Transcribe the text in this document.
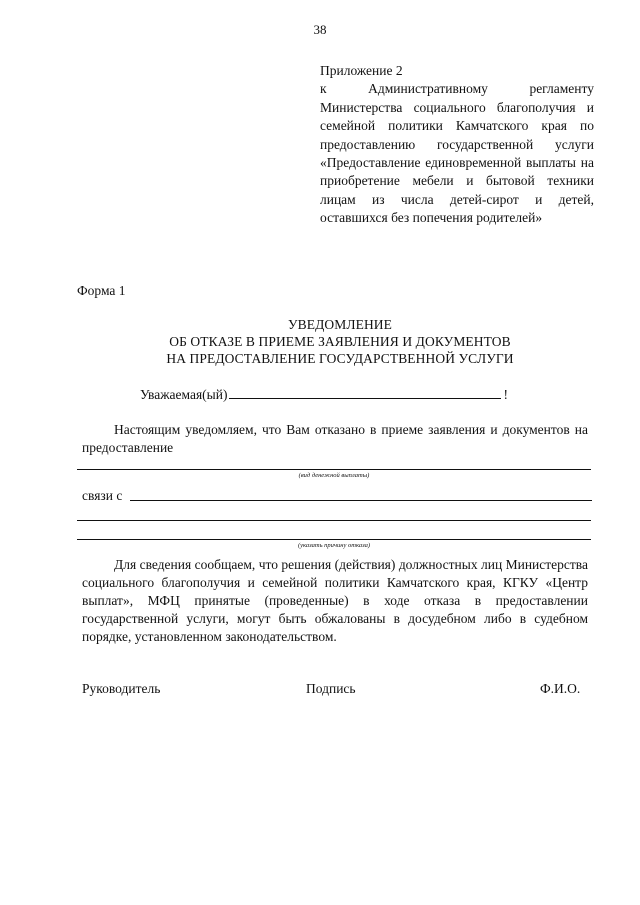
38
Приложение 2
к Административному регламенту Министерства социального благополучия и семейной политики Камчатского края по предоставлению государственной услуги «Предоставление единовременной выплаты на приобретение мебели и бытовой техники лицам из числа детей-сирот и детей, оставшихся без попечения родителей»
Форма 1
УВЕДОМЛЕНИЕ
ОБ ОТКАЗЕ В ПРИЕМЕ ЗАЯВЛЕНИЯ И ДОКУМЕНТОВ
НА ПРЕДОСТАВЛЕНИЕ ГОСУДАРСТВЕННОЙ УСЛУГИ
Уважаемая(ый)	!
Настоящим уведомляем, что Вам отказано в приеме заявления и документов на предоставление
(вид денежной выплаты)
связи с
(указать причину отказа)
Для сведения сообщаем, что решения (действия) должностных лиц Министерства социального благополучия и семейной политики Камчатского края, КГКУ «Центр выплат», МФЦ принятые (проведенные) в ходе отказа в предоставлении государственной услуги, могут быть обжалованы в досудебном либо в судебном порядке, установленном законодательством.
Руководитель	Подпись	Ф.И.О.
